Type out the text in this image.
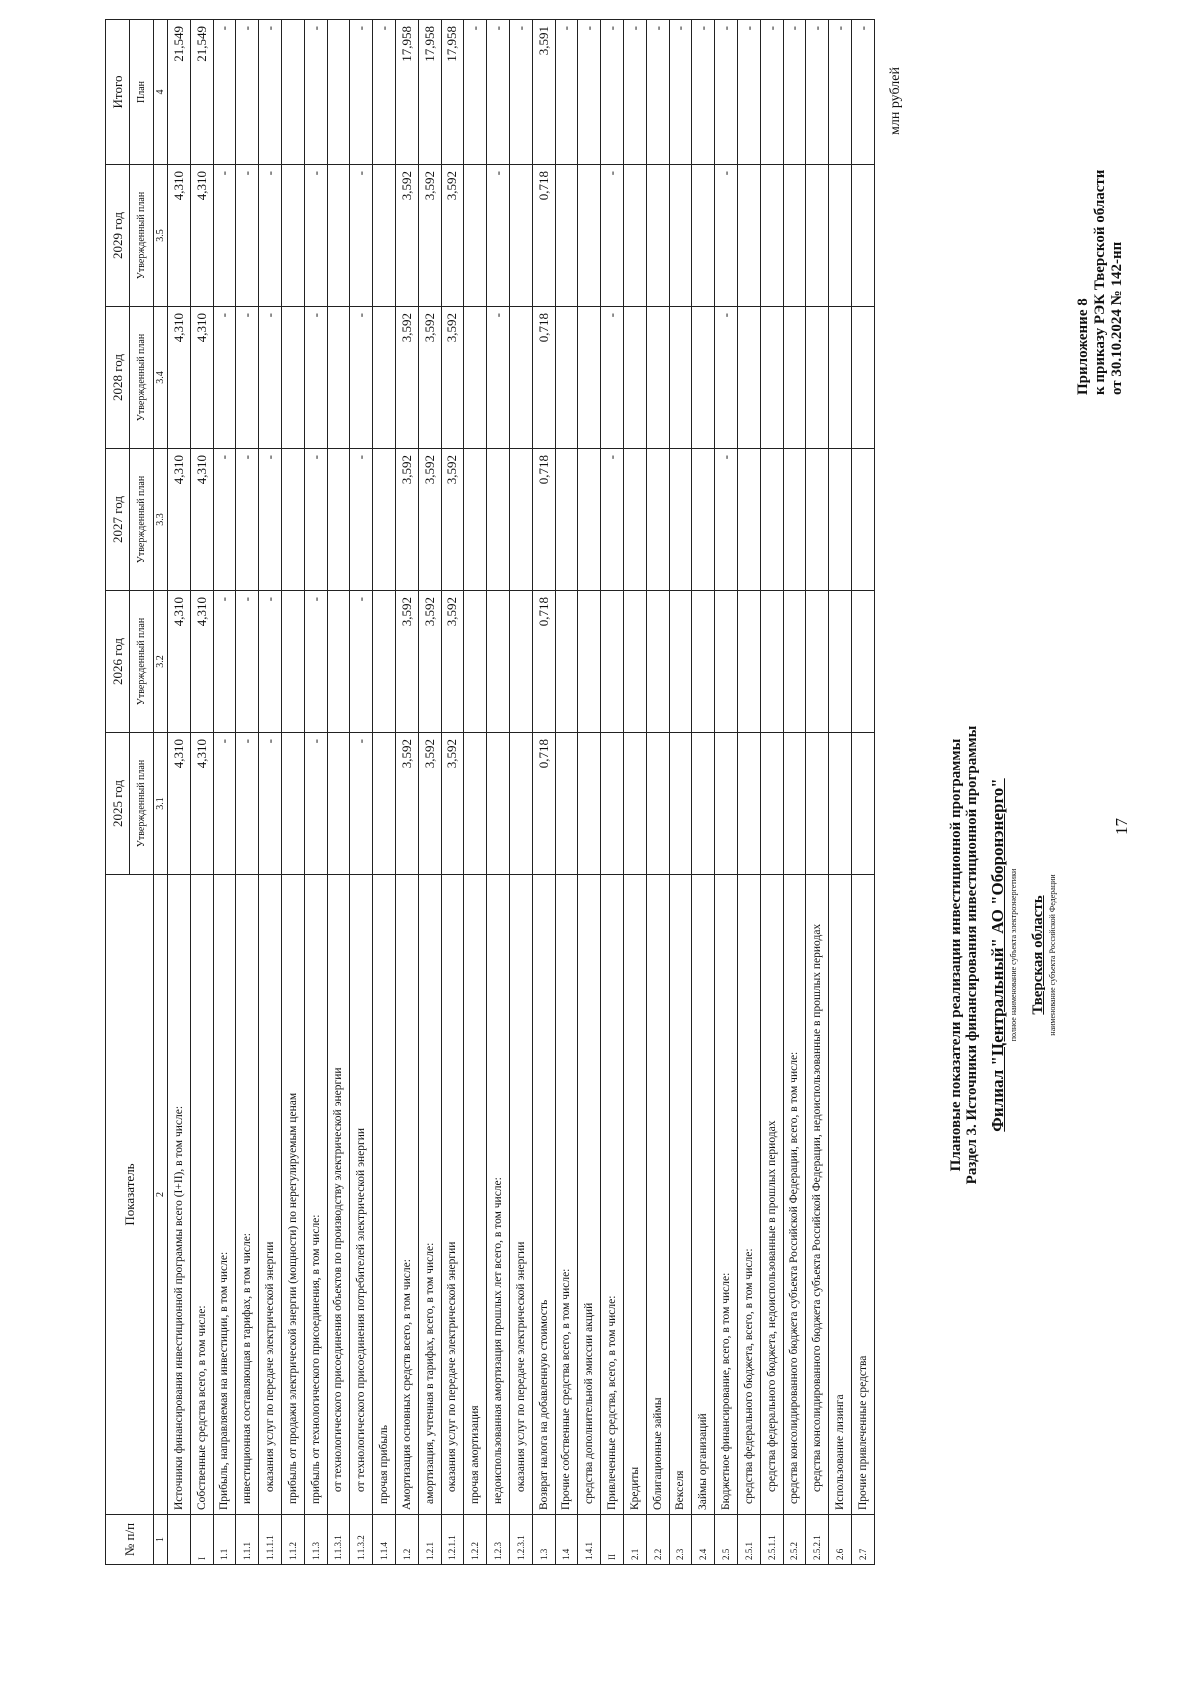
17
Приложение 8 к приказу РЭК Тверской области от 30.10.2024 № 142-нп
Плановые показатели реализации инвестиционной программы Раздел 3. Источники финансирования инвестиционной программы Филиал "Центральный" АО "Оборонэнерго" полное наименование субъекта электроэнергетики Тверская область наименование субъекта Российской Федерации
млн рублей
№ п/п	Показатель	2025 год	2026 год	2027 год	2028 год	2029 год	Итого
		Утвержденный план	Утвержденный план	Утвержденный план	Утвержденный план	Утвержденный план	План
1	2	3.1	3.2	3.3	3.4	3.5	4
	Источники финансирования инвестиционной программы всего (I+II), в том числе:	4,310	4,310	4,310	4,310	4,310	21,549
I	Собственные средства всего, в том числе:	4,310	4,310	4,310	4,310	4,310	21,549
1.1	Прибыль, направляемая на инвестиции, в том числе:	-	-	-	-	-	-
1.1.1	инвестиционная составляющая в тарифах, в том числе:	-	-	-	-	-	-
1.1.1.1	оказания услуг по передаче электрической энергии	-	-	-	-	-	-
1.1.2	прибыль от продажи электрической энергии (мощности) по нерегулируемым ценам						
1.1.3	прибыль от технологического присоединения, в том числе:	-	-	-	-	-	-
1.1.3.1	от технологического присоединения объектов по производству электрической энергии						
1.1.3.2	от технологического присоединения потребителей электрической энергии	-	-	-	-	-	-
1.1.4	прочая прибыль						-
1.2	Амортизация основных средств всего, в том числе:	3,592	3,592	3,592	3,592	3,592	17,958
1.2.1	амортизация, учтенная в тарифах, всего, в том числе:	3,592	3,592	3,592	3,592	3,592	17,958
1.2.1.1	оказания услуг по передаче электрической энергии	3,592	3,592	3,592	3,592	3,592	17,958
1.2.2	прочая амортизация						-
1.2.3	недоиспользованная амортизация прошлых лет всего, в том числе:				-	-	-
1.2.3.1	оказания услуг по передаче электрической энергии						-
1.3	Возврат налога на добавленную стоимость	0,718	0,718	0,718	0,718	0,718	3,591
1.4	Прочие собственные средства всего, в том числе:						-
1.4.1	средства дополнительной эмиссии акций						-
II	Привлеченные средства, всего, в том числе:			-	-	-	-
2.1	Кредиты						-
2.2	Облигационные займы						-
2.3	Векселя						-
2.4	Займы организаций						-
2.5	Бюджетное финансирование, всего, в том числе:			-	-	-	-
2.5.1	средства федерального бюджета, всего, в том числе:						-
2.5.1.1	средства федерального бюджета, недоиспользованные в прошлых периодах						-
2.5.2	средства консолидированного бюджета субъекта Российской Федерации, всего, в том числе:						-
2.5.2.1	средства консолидированного бюджета субъекта Российской Федерации, недоиспользованные в прошлых периодах						-
2.6	Использование лизинга						-
2.7	Прочие привлеченные средства						-
